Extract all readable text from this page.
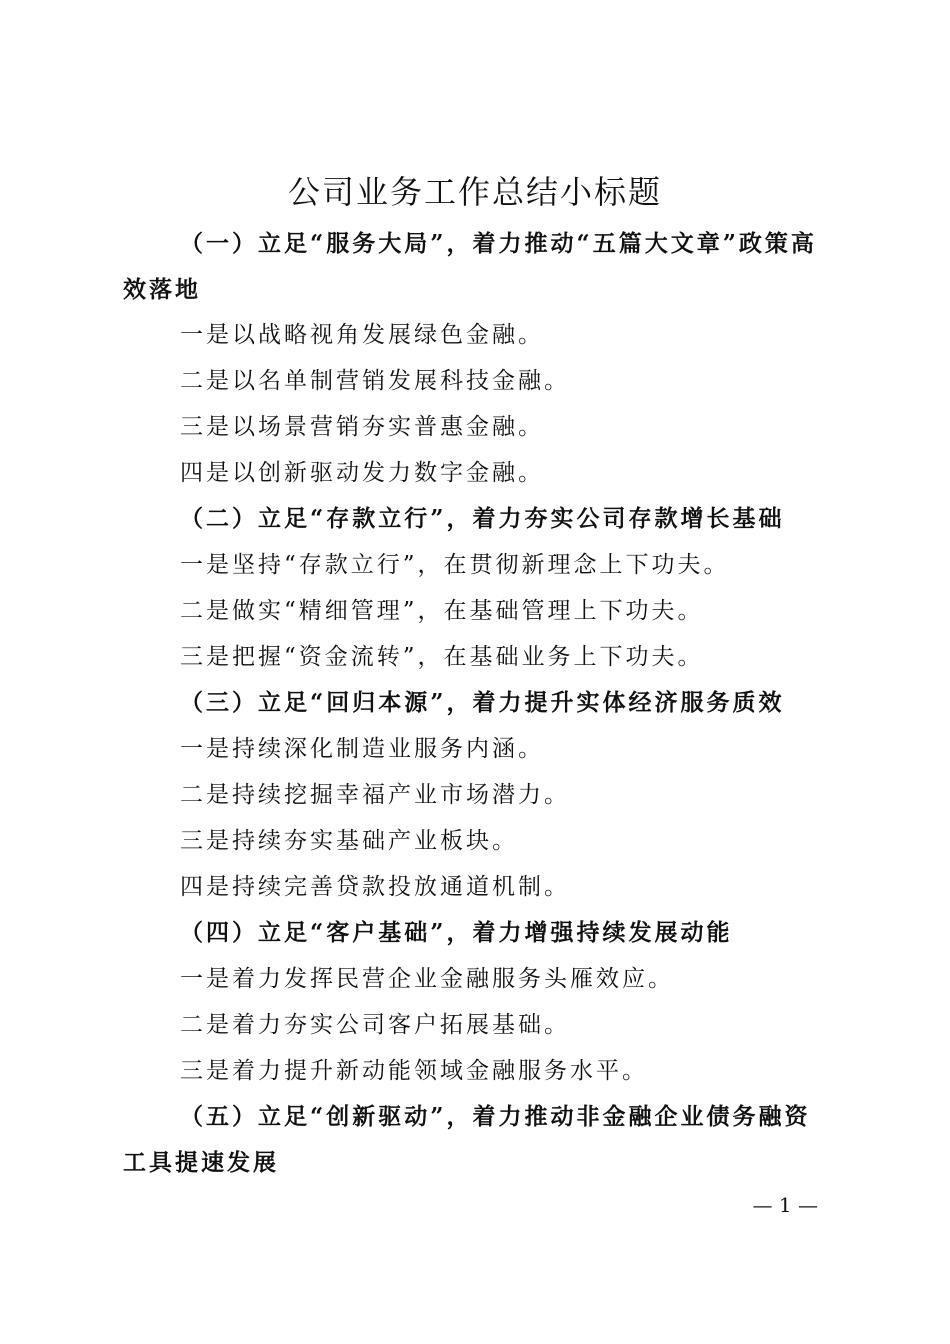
公司业务工作总结小标题
（一）立足“服务大局”，着力推动“五篇大文章”政策高效落地
一是以战略视角发展绿色金融。
二是以名单制营销发展科技金融。
三是以场景营销夯实普惠金融。
四是以创新驱动发力数字金融。
（二）立足“存款立行”，着力夯实公司存款增长基础
一是坚持“存款立行”，在贯彻新理念上下功夫。
二是做实“精细管理”，在基础管理上下功夫。
三是把握“资金流转”，在基础业务上下功夫。
（三）立足“回归本源”，着力提升实体经济服务质效
一是持续深化制造业服务内涵。
二是持续挖掘幸福产业市场潜力。
三是持续夯实基础产业板块。
四是持续完善贷款投放通道机制。
（四）立足“客户基础”，着力增强持续发展动能
一是着力发挥民营企业金融服务头雁效应。
二是着力夯实公司客户拓展基础。
三是着力提升新动能领域金融服务水平。
（五）立足“创新驱动”，着力推动非金融企业债务融资工具提速发展
— 1 —
